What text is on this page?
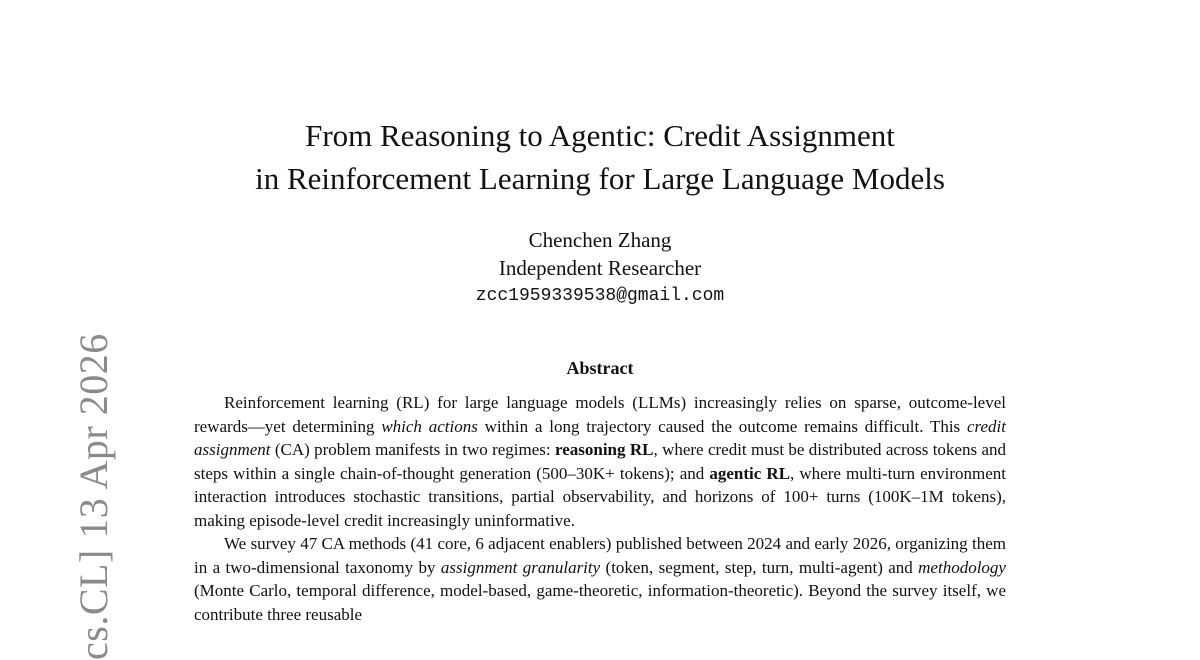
cs.CL] 13 Apr 2026
From Reasoning to Agentic: Credit Assignment
in Reinforcement Learning for Large Language Models
Chenchen Zhang
Independent Researcher
zcc1959339538@gmail.com
Abstract

Reinforcement learning (RL) for large language models (LLMs) increasingly relies on sparse, outcome-level rewards—yet determining which actions within a long trajectory caused the outcome remains difficult. This credit assignment (CA) problem manifests in two regimes: reasoning RL, where credit must be distributed across tokens and steps within a single chain-of-thought generation (500–30K+ tokens); and agentic RL, where multi-turn environment interaction introduces stochastic transitions, partial observability, and horizons of 100+ turns (100K–1M tokens), making episode-level credit increasingly uninformative.

We survey 47 CA methods (41 core, 6 adjacent enablers) published between 2024 and early 2026, organizing them in a two-dimensional taxonomy by assignment granularity (token, segment, step, turn, multi-agent) and methodology (Monte Carlo, temporal difference, model-based, game-theoretic, information-theoretic). Beyond the survey itself, we contribute three reusable
